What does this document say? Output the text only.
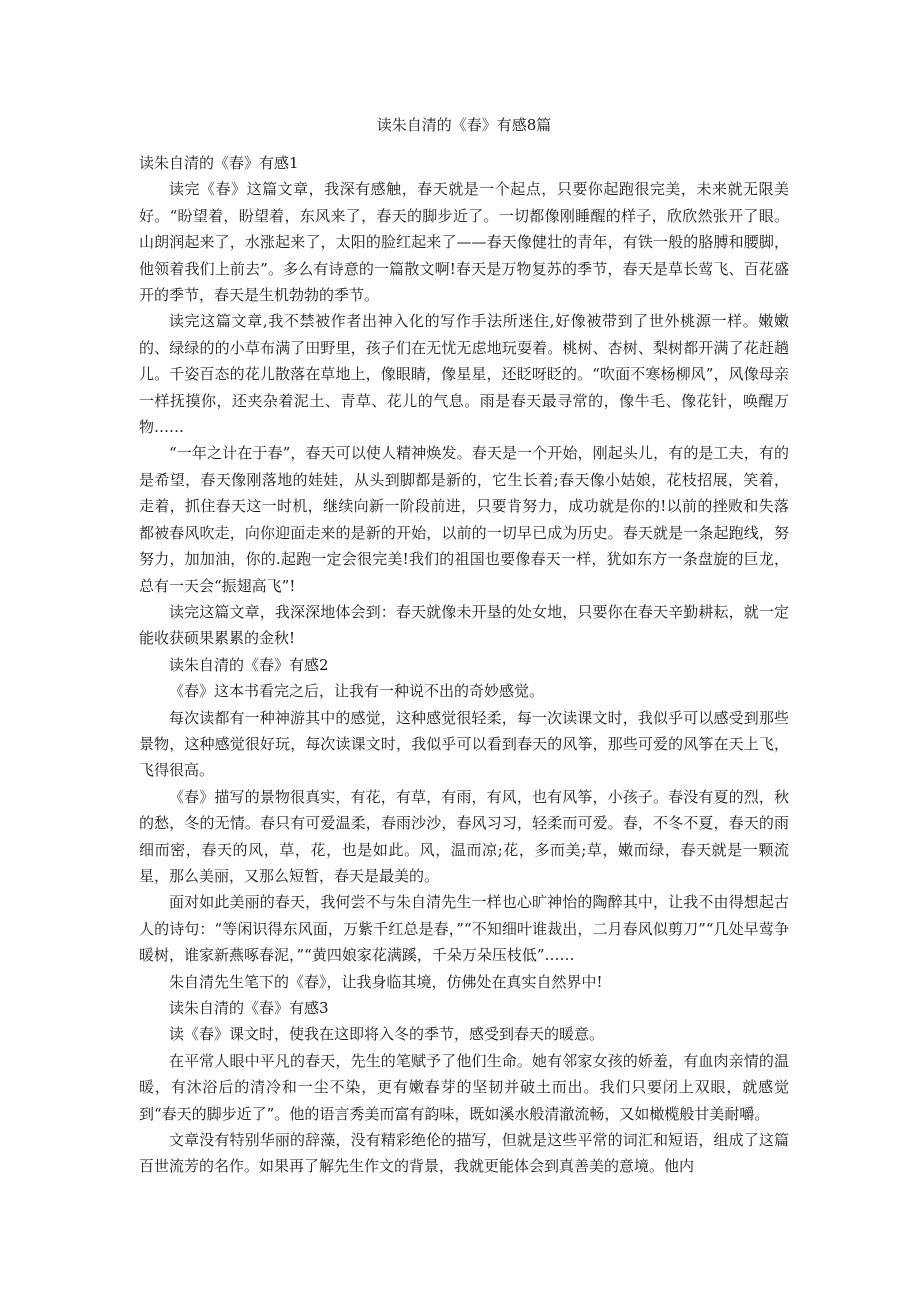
读朱自清的《春》有感8篇
读朱自清的《春》有感1

读完《春》这篇文章，我深有感触，春天就是一个起点，只要你起跑很完美，未来就无限美好。“盼望着，盼望着，东风来了，春天的脚步近了。一切都像刚睡醒的样子，欣欣然张开了眼。山朗润起来了，水涨起来了，太阳的脸红起来了——春天像健壮的青年，有铁一般的胳膊和腰脚，他领着我们上前去”。多么有诗意的一篇散文啊!春天是万物复苏的季节，春天是草长莺飞、百花盛开的季节，春天是生机勃勃的季节。

读完这篇文章,我不禁被作者出神入化的写作手法所迷住,好像被带到了世外桃源一样。嫩嫩的、绿绿的的小草布满了田野里，孩子们在无忧无虑地玩耍着。桃树、杏树、梨树都开满了花赶趟儿。千姿百态的花儿散落在草地上，像眼睛，像星星，还眨呀眨的。“吹面不寒杨柳风”，风像母亲一样抚摸你，还夹杂着泥土、青草、花儿的气息。雨是春天最寻常的，像牛毛、像花针，唤醒万物……

“一年之计在于春”，春天可以使人精神焕发。春天是一个开始，刚起头儿，有的是工夫，有的是希望，春天像刚落地的娃娃，从头到脚都是新的，它生长着;春天像小姑娘，花枝招展，笑着，走着，抓住春天这一时机，继续向新一阶段前进，只要肯努力，成功就是你的!以前的挫败和失落都被春风吹走，向你迎面走来的是新的开始，以前的一切早已成为历史。春天就是一条起跑线，努努力，加加油，你的.起跑一定会很完美!我们的祖国也要像春天一样，犹如东方一条盘旋的巨龙，总有一天会“振翅高飞”!

读完这篇文章，我深深地体会到：春天就像未开垦的处女地，只要你在春天辛勤耕耘，就一定能收获硕果累累的金秋!

读朱自清的《春》有感2

《春》这本书看完之后，让我有一种说不出的奇妙感觉。

每次读都有一种神游其中的感觉，这种感觉很轻柔，每一次读课文时，我似乎可以感受到那些景物，这种感觉很好玩，每次读课文时，我似乎可以看到春天的风筝，那些可爱的风筝在天上飞，飞得很高。

《春》描写的景物很真实，有花，有草，有雨，有风，也有风筝，小孩子。春没有夏的烈，秋的愁，冬的无情。春只有可爱温柔，春雨沙沙，春风习习，轻柔而可爱。春，不冬不夏，春天的雨细而密，春天的风，草，花，也是如此。风，温而凉;花，多而美;草，嫩而绿，春天就是一颗流星，那么美丽，又那么短暂，春天是最美的。

面对如此美丽的春天，我何尝不与朱自清先生一样也心旷神怡的陶醉其中，让我不由得想起古人的诗句：“等闲识得东风面，万紫千红总是春，”“不知细叶谁裁出，二月春风似剪刀”“几处早莺争暖树，谁家新燕啄春泥，”“黄四娘家花满蹊，千朵万朵压枝低”……

朱自清先生笔下的《春》，让我身临其境，仿佛处在真实自然界中!

读朱自清的《春》有感3

读《春》课文时，使我在这即将入冬的季节，感受到春天的暖意。

在平常人眼中平凡的春天，先生的笔赋予了他们生命。她有邻家女孩的娇羞，有血肉亲情的温暖，有沐浴后的清冷和一尘不染，更有嫩春芽的坚韧并破土而出。我们只要闭上双眼，就感觉到“春天的脚步近了”。他的语言秀美而富有韵味，既如溪水般清澈流畅，又如橄榄般甘美耐嚼。

文章没有特别华丽的辞藻，没有精彩绝伦的描写，但就是这些平常的词汇和短语，组成了这篇百世流芳的名作。如果再了解先生作文的背景，我就更能体会到真善美的意境。他内
